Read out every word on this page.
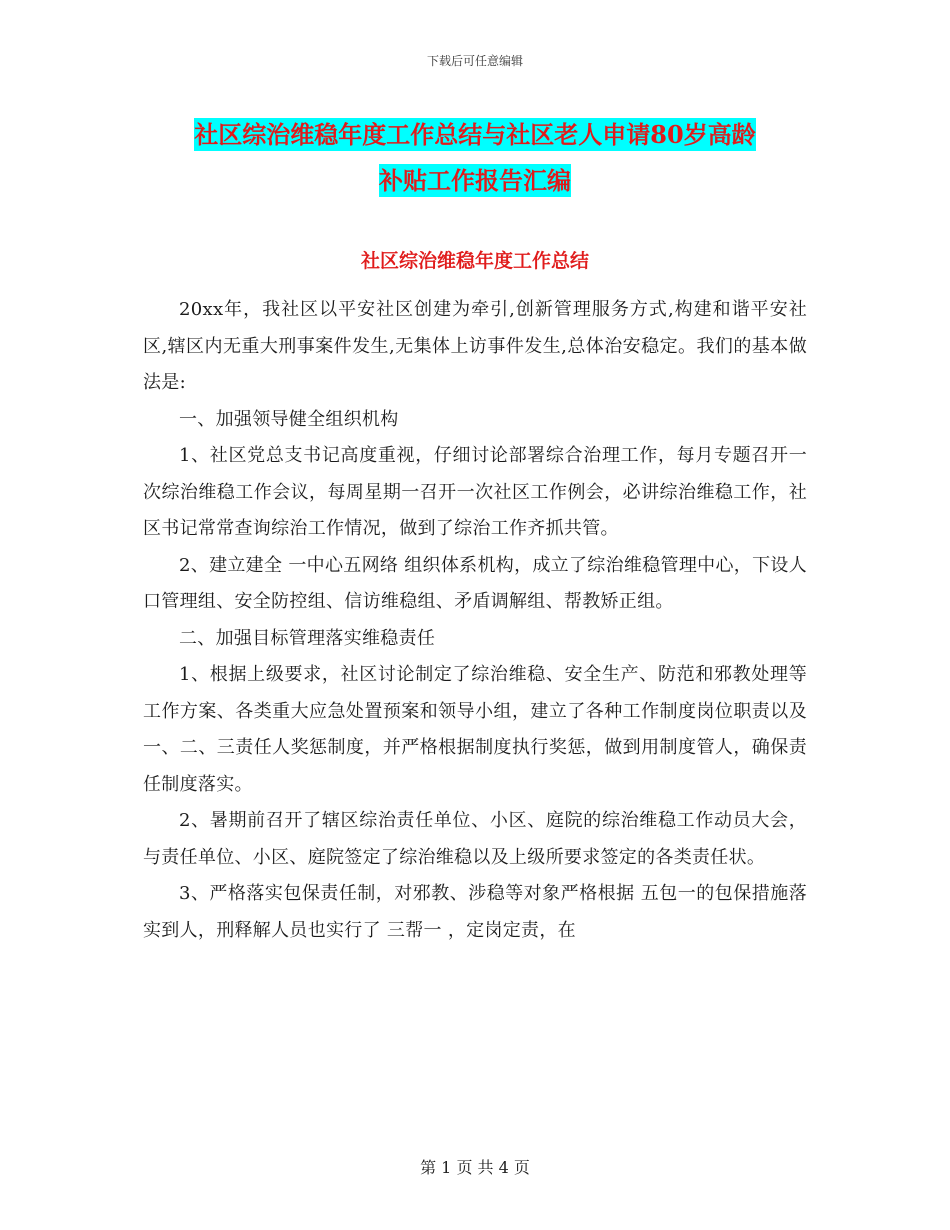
下载后可任意编辑
社区综治维稳年度工作总结与社区老人申请80岁高龄
补贴工作报告汇编
社区综治维稳年度工作总结

20xx年，我社区以平安社区创建为牵引,创新管理服务方式,构建和谐平安社区,辖区内无重大刑事案件发生,无集体上访事件发生,总体治安稳定。我们的基本做法是:

一、加强领导健全组织机构

1、社区党总支书记高度重视，仔细讨论部署综合治理工作，每月专题召开一次综治维稳工作会议，每周星期一召开一次社区工作例会，必讲综治维稳工作，社区书记常常查询综治工作情况，做到了综治工作齐抓共管。

2、建立建全 一中心五网络 组织体系机构，成立了综治维稳管理中心，下设人口管理组、安全防控组、信访维稳组、矛盾调解组、帮教矫正组。

二、加强目标管理落实维稳责任

1、根据上级要求，社区讨论制定了综治维稳、安全生产、防范和邪教处理等工作方案、各类重大应急处置预案和领导小组，建立了各种工作制度岗位职责以及一、二、三责任人奖惩制度，并严格根据制度执行奖惩，做到用制度管人，确保责任制度落实。

2、暑期前召开了辖区综治责任单位、小区、庭院的综治维稳工作动员大会，与责任单位、小区、庭院签定了综治维稳以及上级所要求签定的各类责任状。

3、严格落实包保责任制，对邪教、涉稳等对象严格根据 五包一的包保措施落实到人，刑释解人员也实行了 三帮一 ，定岗定责，在

第 1 页 共 4 页
